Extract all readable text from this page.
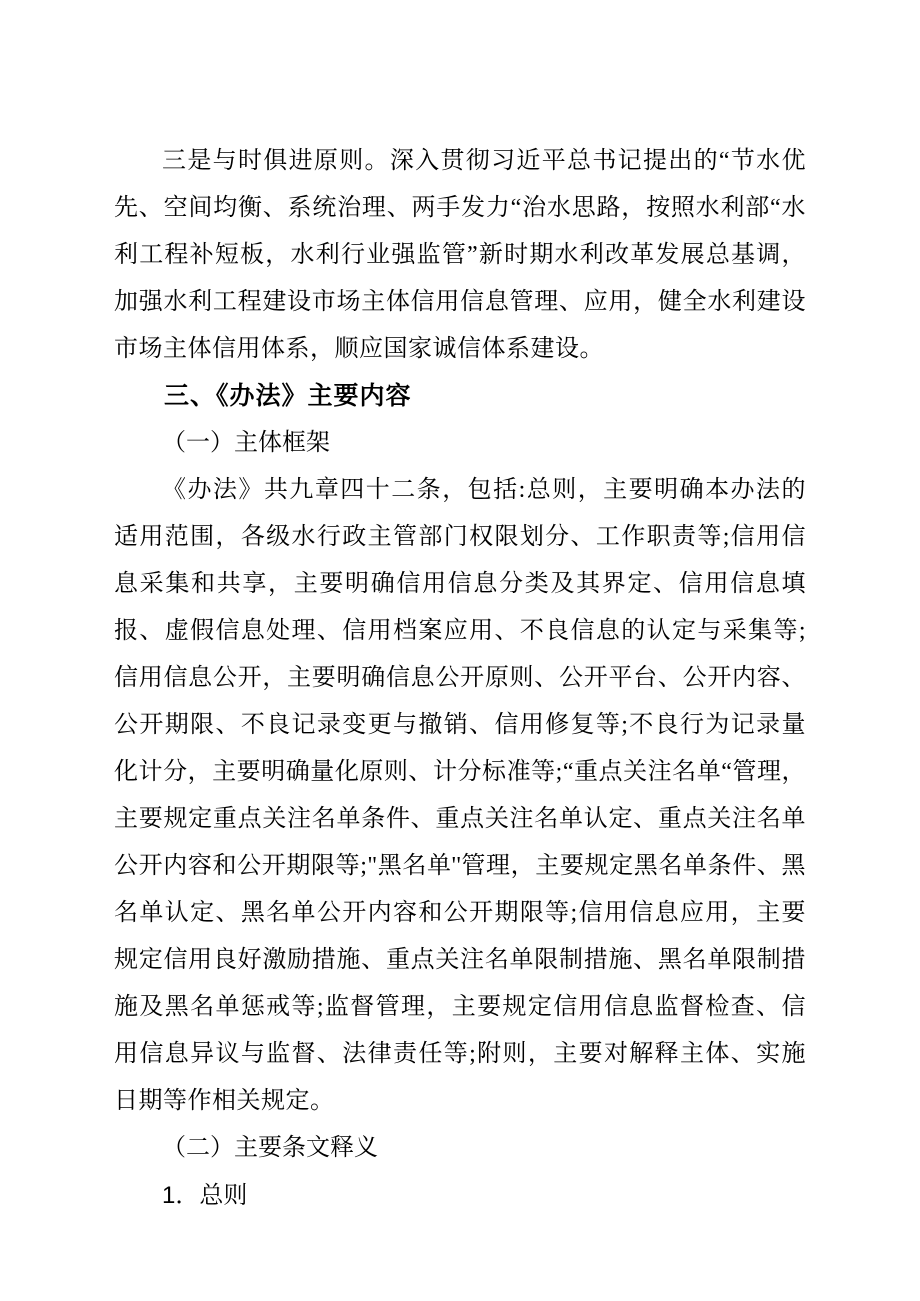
三是与时俱进原则。深入贯彻习近平总书记提出的“节水优先、空间均衡、系统治理、两手发力“治水思路，按照水利部“水利工程补短板，水利行业强监管”新时期水利改革发展总基调，加强水利工程建设市场主体信用信息管理、应用，健全水利建设市场主体信用体系，顺应国家诚信体系建设。

三、《办法》主要内容

（一）主体框架

《办法》共九章四十二条，包括:总则，主要明确本办法的适用范围，各级水行政主管部门权限划分、工作职责等;信用信息采集和共享，主要明确信用信息分类及其界定、信用信息填报、虚假信息处理、信用档案应用、不良信息的认定与采集等;信用信息公开，主要明确信息公开原则、公开平台、公开内容、公开期限、不良记录变更与撤销、信用修复等;不良行为记录量化计分，主要明确量化原则、计分标准等;“重点关注名单“管理，主要规定重点关注名单条件、重点关注名单认定、重点关注名单公开内容和公开期限等;"黑名单''管理，主要规定黑名单条件、黑名单认定、黑名单公开内容和公开期限等;信用信息应用，主要规定信用良好激励措施、重点关注名单限制措施、黑名单限制措施及黑名单惩戒等;监督管理，主要规定信用信息监督检查、信用信息异议与监督、法律责任等;附则，主要对解释主体、实施日期等作相关规定。

（二）主要条文释义

1．总则
